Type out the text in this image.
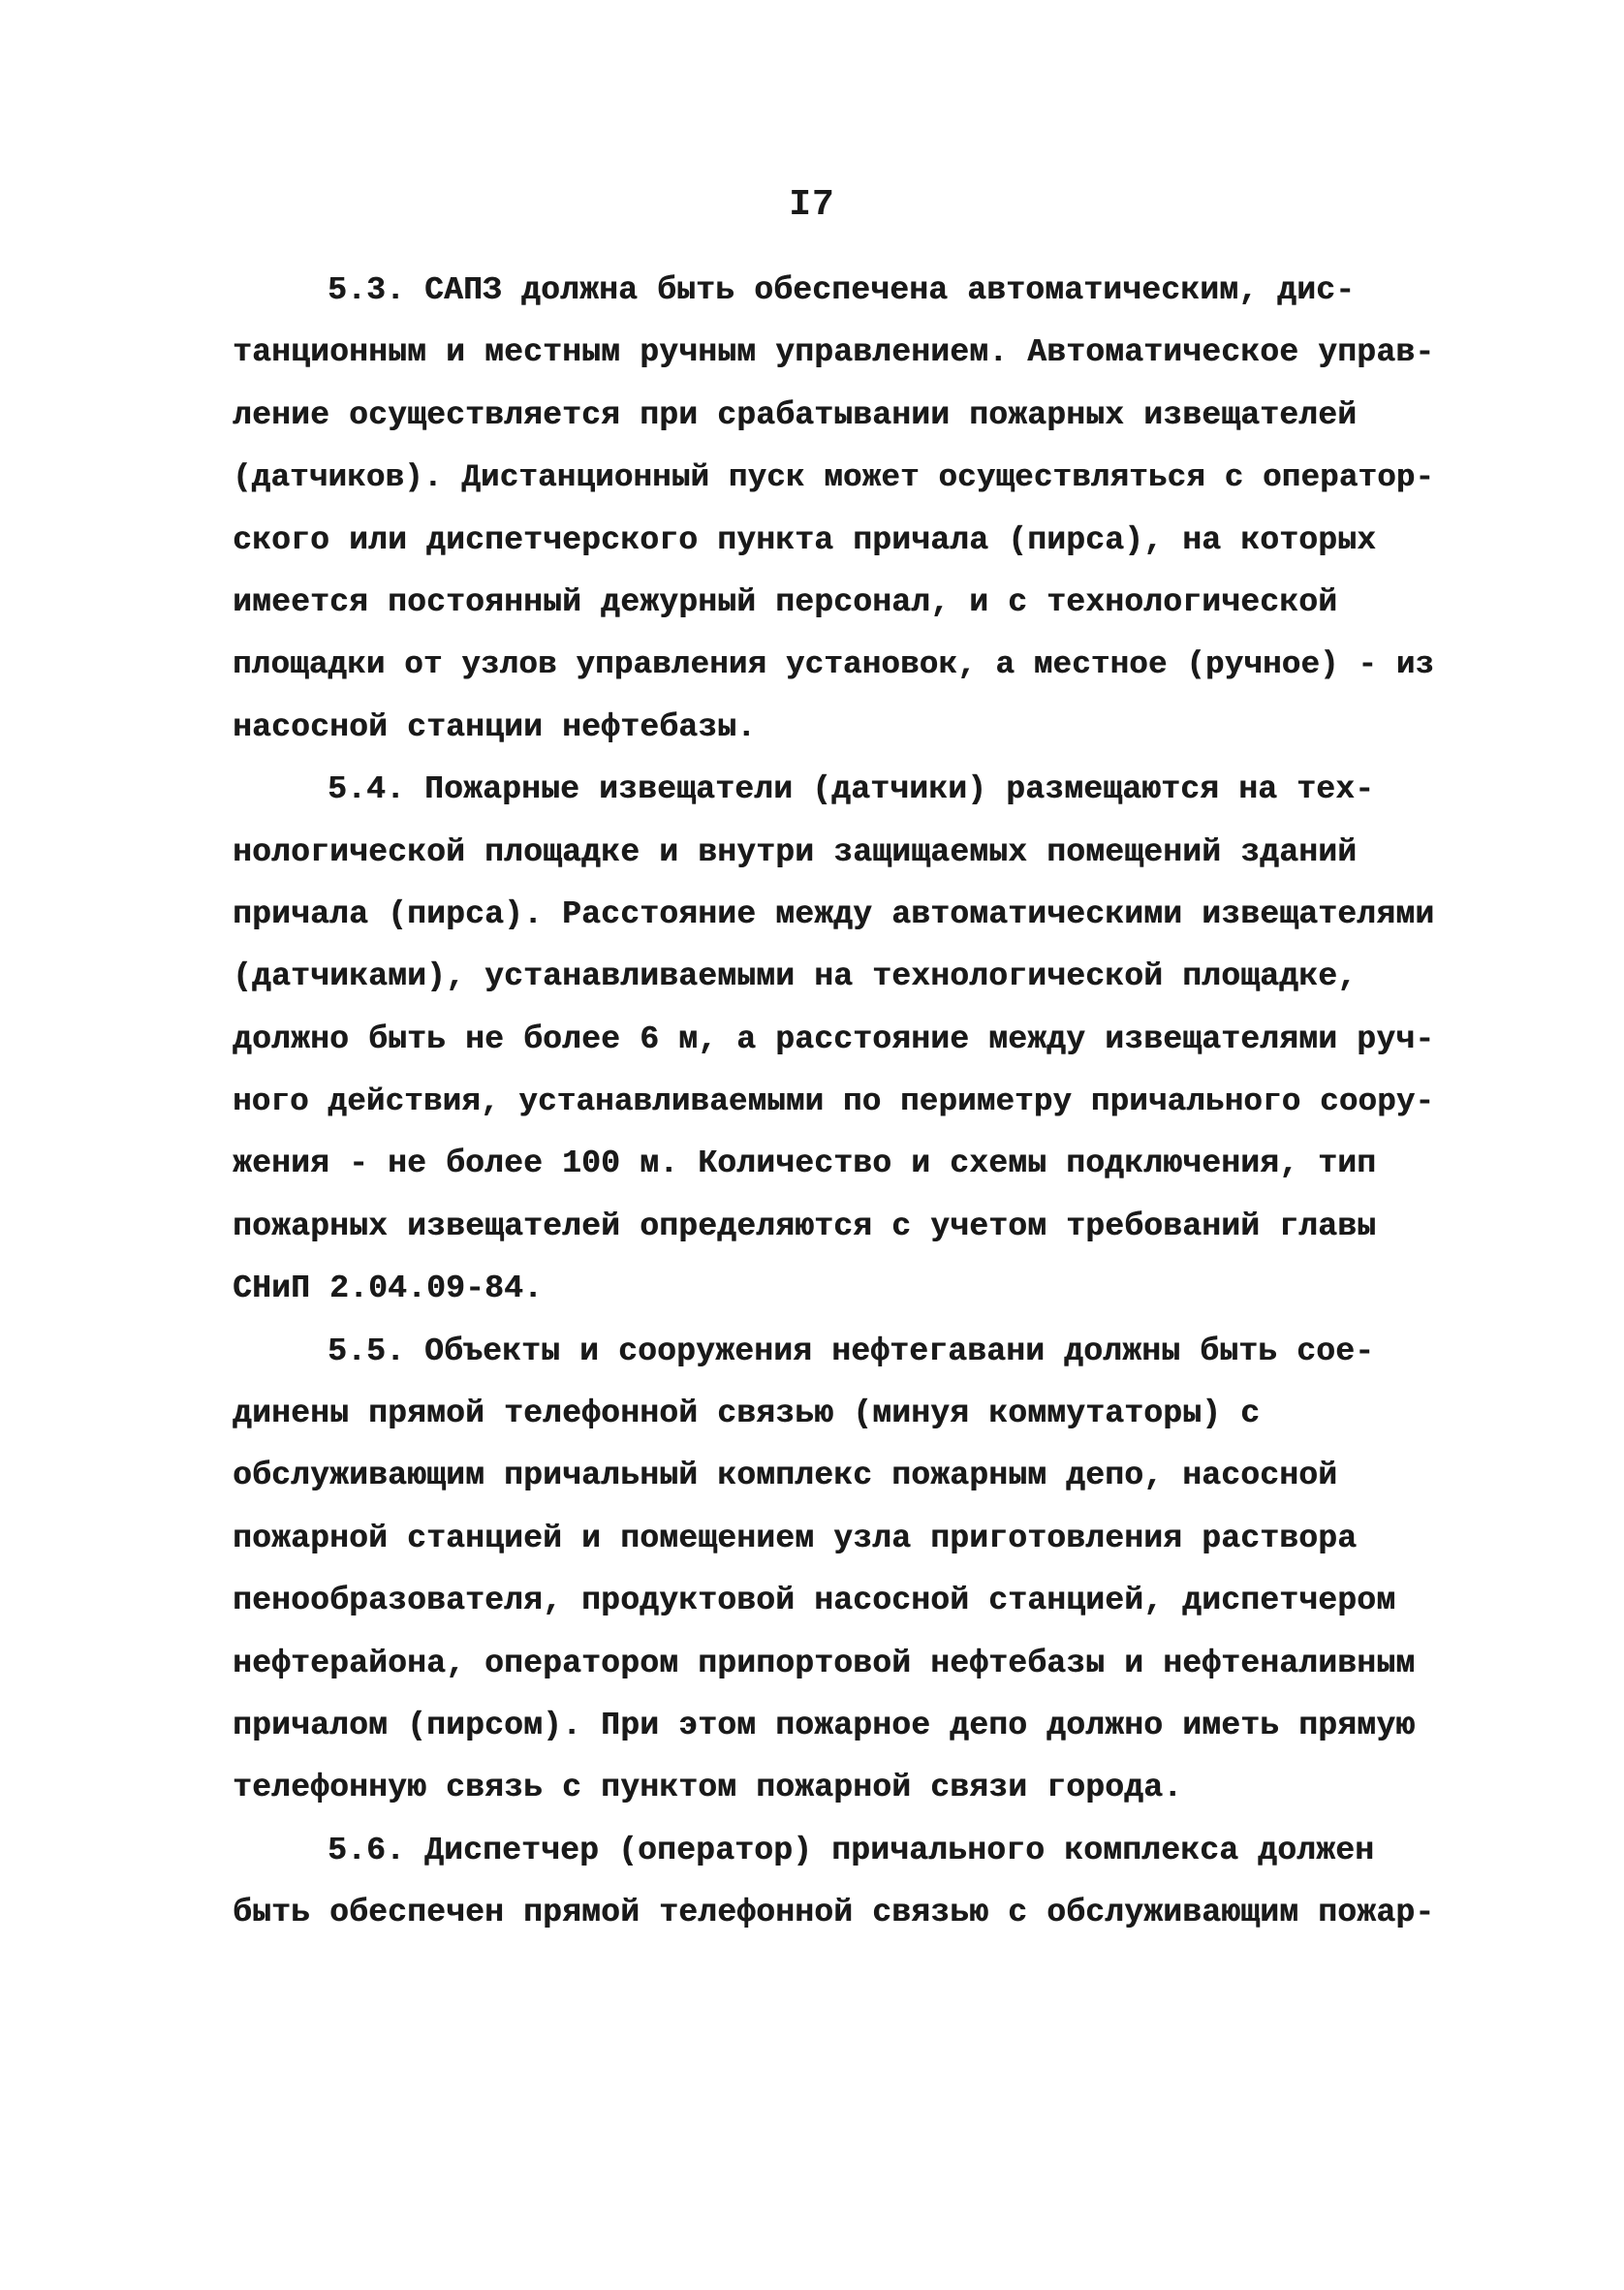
I7
5.3. САПЗ должна быть обеспечена автоматическим, дис-
танционным и местным ручным управлением. Автоматическое управ-
ление осуществляется при срабатывании пожарных извещателей
(датчиков). Дистанционный пуск может осуществляться с оператор-
ского или диспетчерского пункта причала (пирса), на которых
имеется постоянный дежурный персонал, и с технологической
площадки от узлов управления установок, а местное (ручное) - из
насосной станции нефтебазы.
5.4. Пожарные извещатели (датчики) размещаются на тех-
нологической площадке и внутри защищаемых помещений зданий
причала (пирса). Расстояние между автоматическими извещателями
(датчиками), устанавливаемыми на технологической площадке,
должно быть не более 6 м, а расстояние между извещателями руч-
ного действия, устанавливаемыми по периметру причального соору-
жения - не более 100 м. Количество и схемы подключения, тип
пожарных извещателей определяются с учетом требований главы
СНиП 2.04.09-84.
5.5. Объекты и сооружения нефтегавани должны быть сое-
динены прямой телефонной связью (минуя коммутаторы) с
обслуживающим причальный комплекс пожарным депо, насосной
пожарной станцией и помещением узла приготовления раствора
пенообразователя, продуктовой насосной станцией, диспетчером
нефтерайона, оператором припортовой нефтебазы и нефтеналивным
причалом (пирсом). При этом пожарное депо должно иметь прямую
телефонную связь с пунктом пожарной связи города.
5.6. Диспетчер (оператор) причального комплекса должен
быть обеспечен прямой телефонной связью с обслуживающим пожар-
